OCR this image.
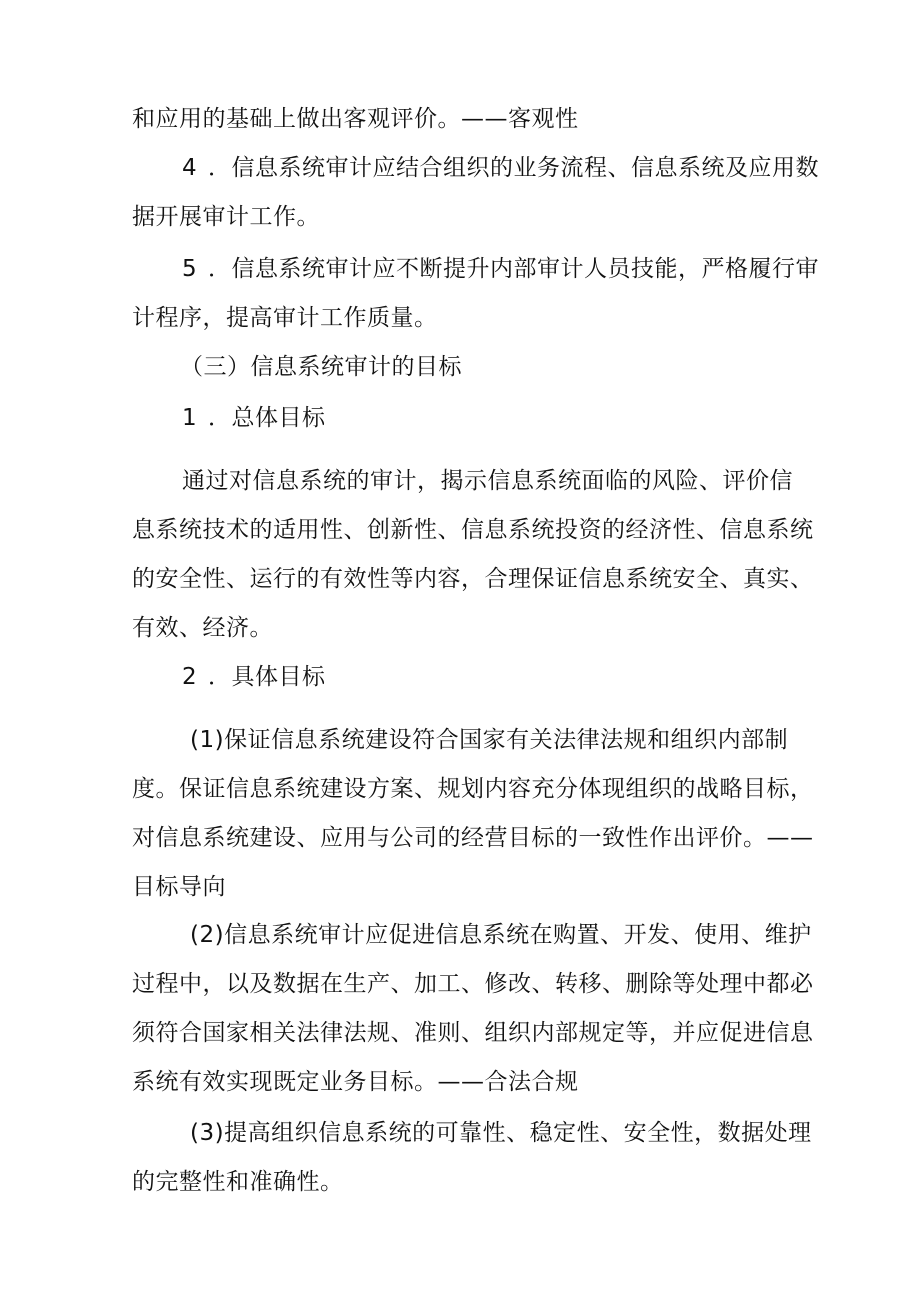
和应用的基础上做出客观评价。——客观性
4 ．信息系统审计应结合组织的业务流程、信息系统及应用数
据开展审计工作。
5 ．信息系统审计应不断提升内部审计人员技能，严格履行审
计程序，提高审计工作质量。
（三）信息系统审计的目标
1 ．总体目标
通过对信息系统的审计，揭示信息系统面临的风险、评价信
息系统技术的适用性、创新性、信息系统投资的经济性、信息系统
的安全性、运行的有效性等内容，合理保证信息系统安全、真实、
有效、经济。
2 ．具体目标
(1)保证信息系统建设符合国家有关法律法规和组织内部制
度。保证信息系统建设方案、规划内容充分体现组织的战略目标，
对信息系统建设、应用与公司的经营目标的一致性作出评价。——
目标导向
(2)信息系统审计应促进信息系统在购置、开发、使用、维护
过程中，以及数据在生产、加工、修改、转移、删除等处理中都必
须符合国家相关法律法规、准则、组织内部规定等，并应促进信息
系统有效实现既定业务目标。——合法合规
(3)提高组织信息系统的可靠性、稳定性、安全性，数据处理
的完整性和准确性。
